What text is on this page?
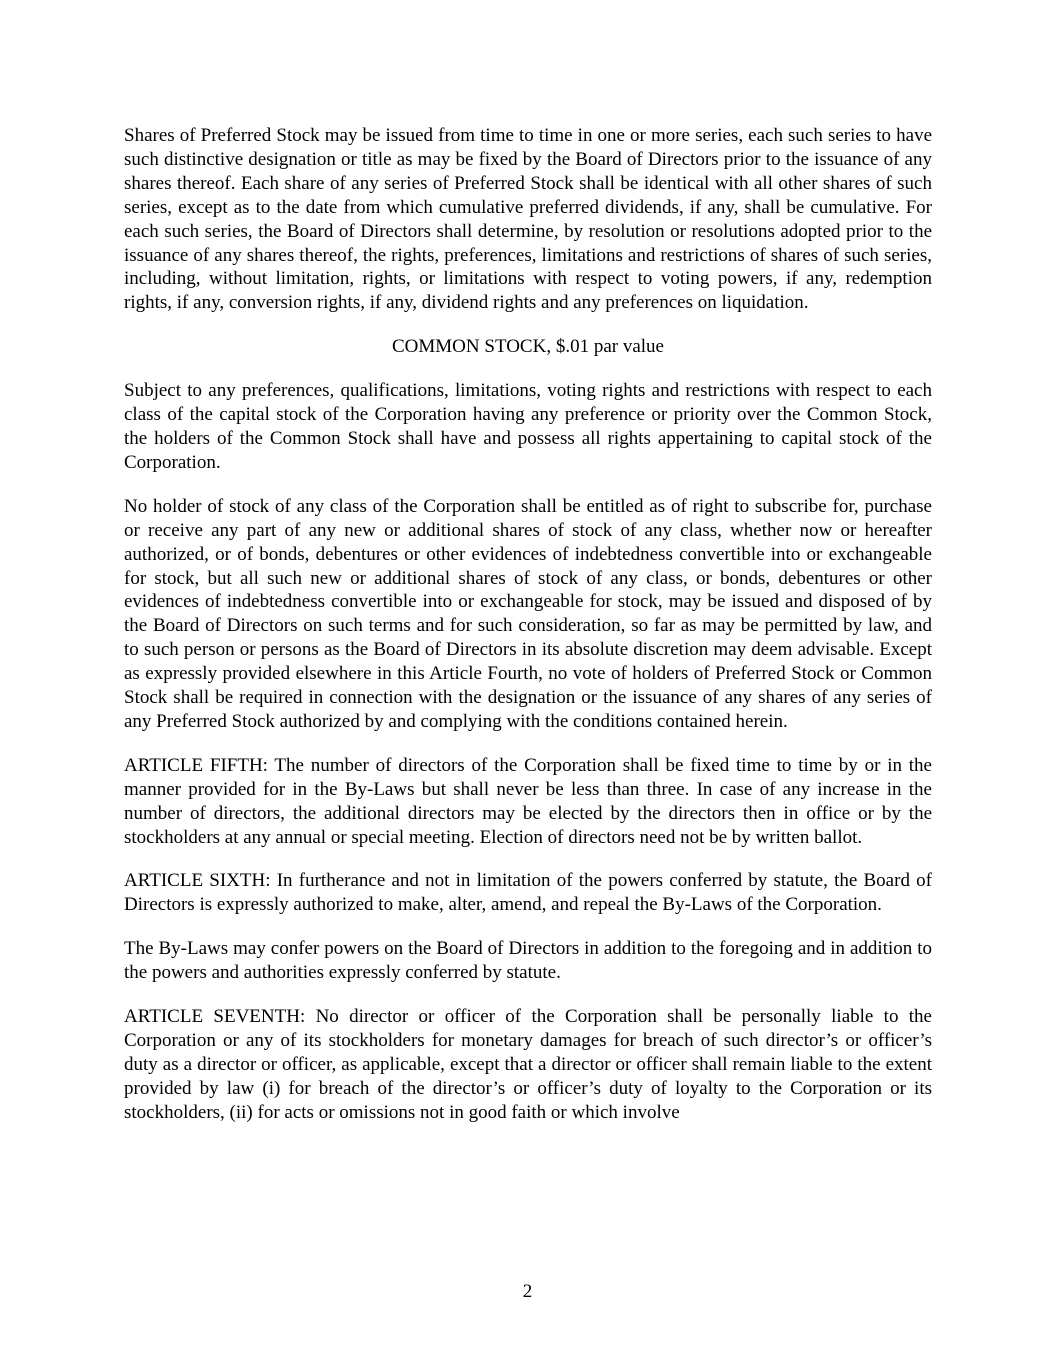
Shares of Preferred Stock may be issued from time to time in one or more series, each such series to have such distinctive designation or title as may be fixed by the Board of Directors prior to the issuance of any shares thereof. Each share of any series of Preferred Stock shall be identical with all other shares of such series, except as to the date from which cumulative preferred dividends, if any, shall be cumulative. For each such series, the Board of Directors shall determine, by resolution or resolutions adopted prior to the issuance of any shares thereof, the rights, preferences, limitations and restrictions of shares of such series, including, without limitation, rights, or limitations with respect to voting powers, if any, redemption rights, if any, conversion rights, if any, dividend rights and any preferences on liquidation.

COMMON STOCK, $.01 par value

Subject to any preferences, qualifications, limitations, voting rights and restrictions with respect to each class of the capital stock of the Corporation having any preference or priority over the Common Stock, the holders of the Common Stock shall have and possess all rights appertaining to capital stock of the Corporation.

No holder of stock of any class of the Corporation shall be entitled as of right to subscribe for, purchase or receive any part of any new or additional shares of stock of any class, whether now or hereafter authorized, or of bonds, debentures or other evidences of indebtedness convertible into or exchangeable for stock, but all such new or additional shares of stock of any class, or bonds, debentures or other evidences of indebtedness convertible into or exchangeable for stock, may be issued and disposed of by the Board of Directors on such terms and for such consideration, so far as may be permitted by law, and to such person or persons as the Board of Directors in its absolute discretion may deem advisable. Except as expressly provided elsewhere in this Article Fourth, no vote of holders of Preferred Stock or Common Stock shall be required in connection with the designation or the issuance of any shares of any series of any Preferred Stock authorized by and complying with the conditions contained herein.

ARTICLE FIFTH: The number of directors of the Corporation shall be fixed time to time by or in the manner provided for in the By-Laws but shall never be less than three. In case of any increase in the number of directors, the additional directors may be elected by the directors then in office or by the stockholders at any annual or special meeting. Election of directors need not be by written ballot.

ARTICLE SIXTH: In furtherance and not in limitation of the powers conferred by statute, the Board of Directors is expressly authorized to make, alter, amend, and repeal the By-Laws of the Corporation.

The By-Laws may confer powers on the Board of Directors in addition to the foregoing and in addition to the powers and authorities expressly conferred by statute.

ARTICLE SEVENTH: No director or officer of the Corporation shall be personally liable to the Corporation or any of its stockholders for monetary damages for breach of such director’s or officer’s duty as a director or officer, as applicable, except that a director or officer shall remain liable to the extent provided by law (i) for breach of the director’s or officer’s duty of loyalty to the Corporation or its stockholders, (ii) for acts or omissions not in good faith or which involve

2
